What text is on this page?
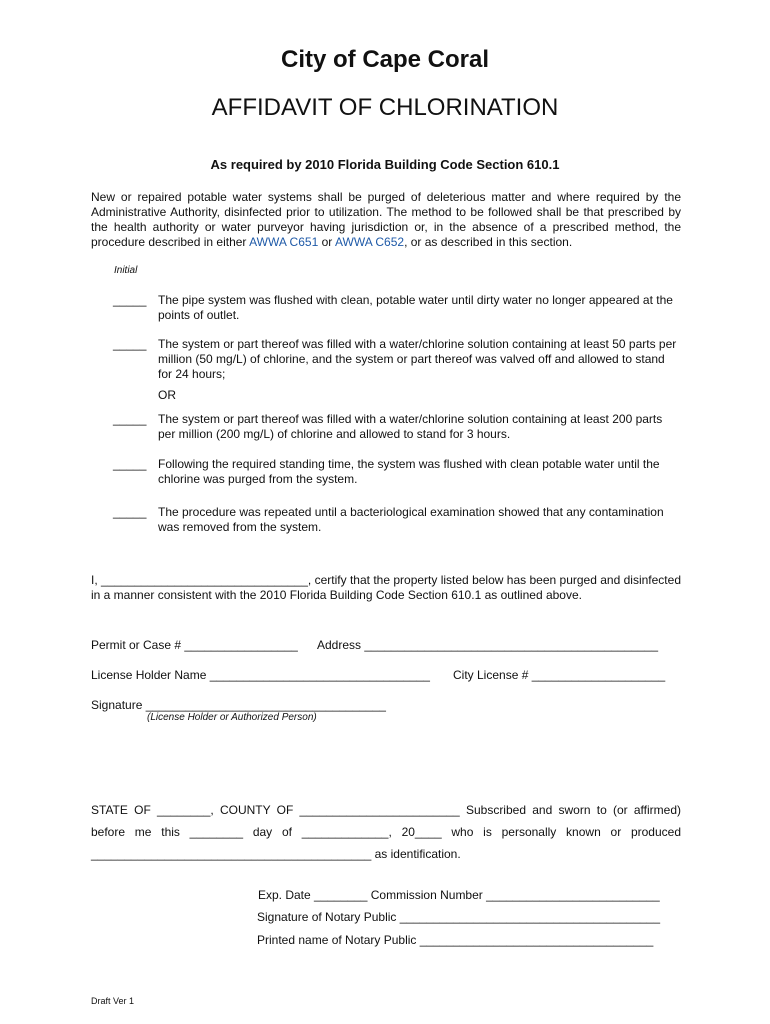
City of Cape Coral
AFFIDAVIT OF CHLORINATION
As required by 2010 Florida Building Code Section 610.1
New or repaired potable water systems shall be purged of deleterious matter and where required by the Administrative Authority, disinfected prior to utilization. The method to be followed shall be that prescribed by the health authority or water purveyor having jurisdiction or, in the absence of a prescribed method, the procedure described in either AWWA C651 or AWWA C652, or as described in this section.
Initial
_____ The pipe system was flushed with clean, potable water until dirty water no longer appeared at the points of outlet.
_____ The system or part thereof was filled with a water/chlorine solution containing at least 50 parts per million (50 mg/L) of chlorine, and the system or part thereof was valved off and allowed to stand for 24 hours;
OR
_____ The system or part thereof was filled with a water/chlorine solution containing at least 200 parts per million (200 mg/L) of chlorine and allowed to stand for 3 hours.
_____ Following the required standing time, the system was flushed with clean potable water until the chlorine was purged from the system.
_____ The procedure was repeated until a bacteriological examination showed that any contamination was removed from the system.
I, _______________________________, certify that the property listed below has been purged and disinfected in a manner consistent with the 2010 Florida Building Code Section 610.1 as outlined above.
Permit or Case # _________________ Address ____________________________________________
License Holder Name _________________________________ City License # ____________________
Signature ____________________________________
(License Holder or Authorized Person)
STATE OF ________, COUNTY OF ________________________ Subscribed and sworn to (or affirmed) before me this ________ day of _____________, 20____ who is personally known or produced __________________________________________ as identification.
Exp. Date ________ Commission Number __________________________
Signature of Notary Public _______________________________________
Printed name of Notary Public ___________________________________
Draft Ver 1
